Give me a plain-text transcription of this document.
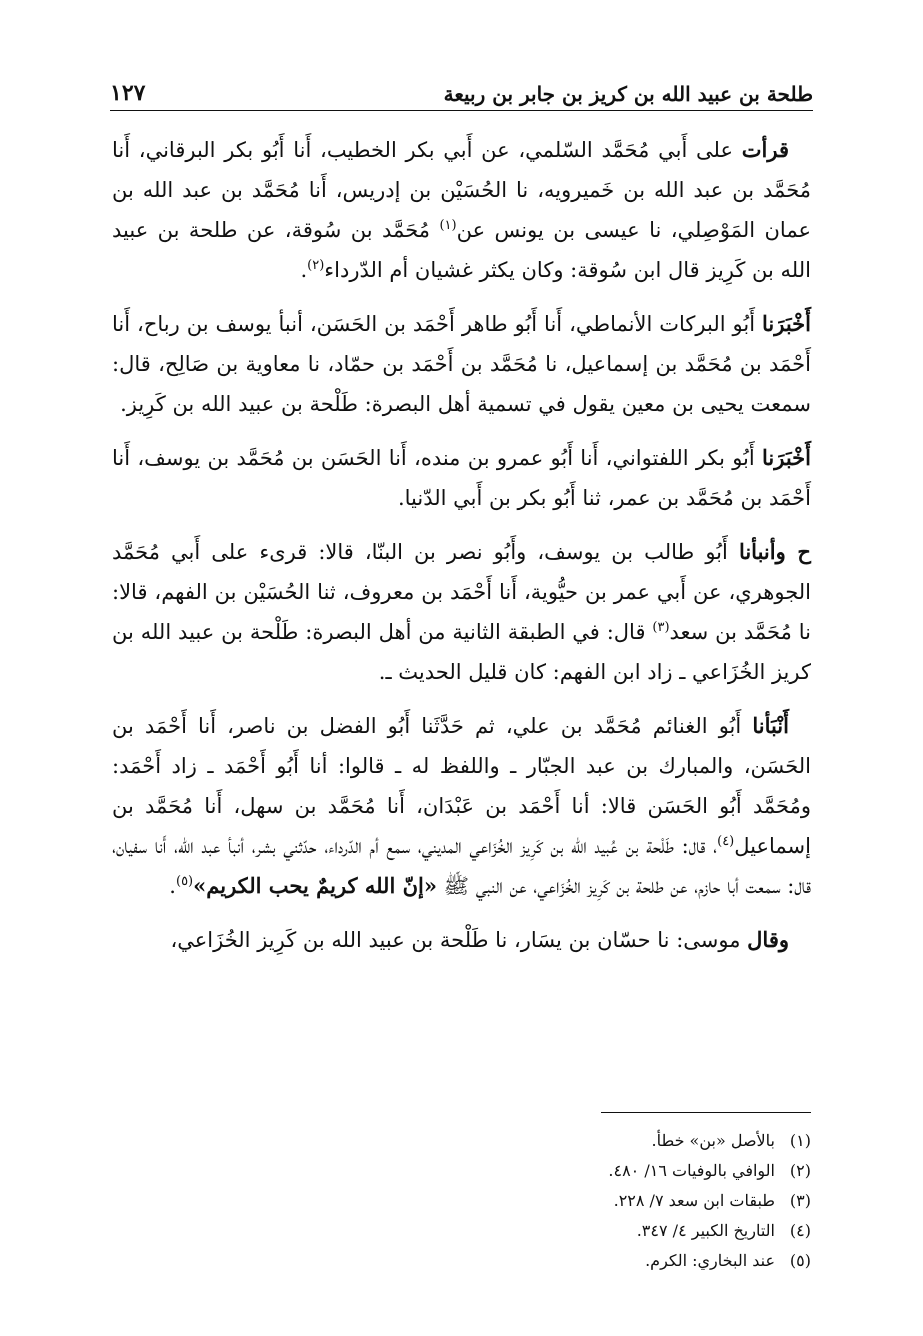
طلحة بن عبيد الله بن كريز بن جابر بن ربيعة
١٢٧

قرأت على أَبي مُحَمَّد السّلمي، عن أَبي بكر الخطيب، أَنا أَبُو بكر البرقاني، أَنا مُحَمَّد بن عبد الله بن خَميرويه، نا الحُسَيْن بن إدريس، أَنا مُحَمَّد بن عبد الله بن عمان المَوْصِلي، نا عيسى بن يونس عن$^{(١)}$ مُحَمَّد بن سُوقة، عن طلحة بن عبيد الله بن كَرِيز قال ابن سُوقة: وكان يكثر غشيان أم الدّرداء$^{(٢)}$.

أَخْبَرَنا أَبُو البركات الأنماطي، أَنا أَبُو طاهر أَحْمَد بن الحَسَن، أنبأ يوسف بن رباح، أَنا أَحْمَد بن مُحَمَّد بن إسماعيل، نا مُحَمَّد بن أَحْمَد بن حمّاد، نا معاوية بن صَالِح، قال: سمعت يحيى بن معين يقول في تسمية أهل البصرة: طَلْحة بن عبيد الله بن كَرِيز.

أَخْبَرَنا أَبُو بكر اللفتواني، أَنا أَبُو عمرو بن منده، أَنا الحَسَن بن مُحَمَّد بن يوسف، أَنا أَحْمَد بن مُحَمَّد بن عمر، ثنا أَبُو بكر بن أَبي الدّنيا.

ح وأنبأنا أَبُو طالب بن يوسف، وأَبُو نصر بن البنّا، قالا: قرىء على أَبي مُحَمَّد الجوهري، عن أَبي عمر بن حيُّوية، أَنا أَحْمَد بن معروف، ثنا الحُسَيْن بن الفهم، قالا: نا مُحَمَّد بن سعد$^{(٣)}$ قال: في الطبقة الثانية من أهل البصرة: طَلْحة بن عبيد الله بن كريز الخُزَاعي ـ زاد ابن الفهم: كان قليل الحديث ـ.

أَنْبَأنا أَبُو الغنائم مُحَمَّد بن علي، ثم حَدَّثَنا أَبُو الفضل بن ناصر، أَنا أَحْمَد بن الحَسَن، والمبارك بن عبد الجبّار ـ واللفظ له ـ قالوا: أنا أَبُو أَحْمَد ـ زاد أَحْمَد: ومُحَمَّد أَبُو الحَسَن قالا: أنا أَحْمَد بن عَبْدَان، أَنا مُحَمَّد بن سهل، أَنا مُحَمَّد بن إسماعيل$^{(٤)}$، قال: طَلْحة بن عُبيد الله بن كَرِيز الخُزَاعي المديني، سمع أم الدّرداء، حدّثني بشر، أنبأ عبد الله، أَنا سفيان، قال: سمعت أبا حازم، عن طلحة بن كَرِيز الخُزَاعي، عن النبي ﷺ «إنّ الله كريمٌ يحب الكريم»$^{(٥)}$.

وقال موسى: نا حسّان بن يسَار، نا طَلْحة بن عبيد الله بن كَرِيز الخُزَاعي،

(١)
بالأصل «بن» خطأ.
(٢)
الوافي بالوفيات ١٦/ ٤٨٠.
(٣)
طبقات ابن سعد ٧/ ٢٢٨.
(٤)
التاريخ الكبير ٤/ ٣٤٧.
(٥)
عند البخاري: الكرم.
